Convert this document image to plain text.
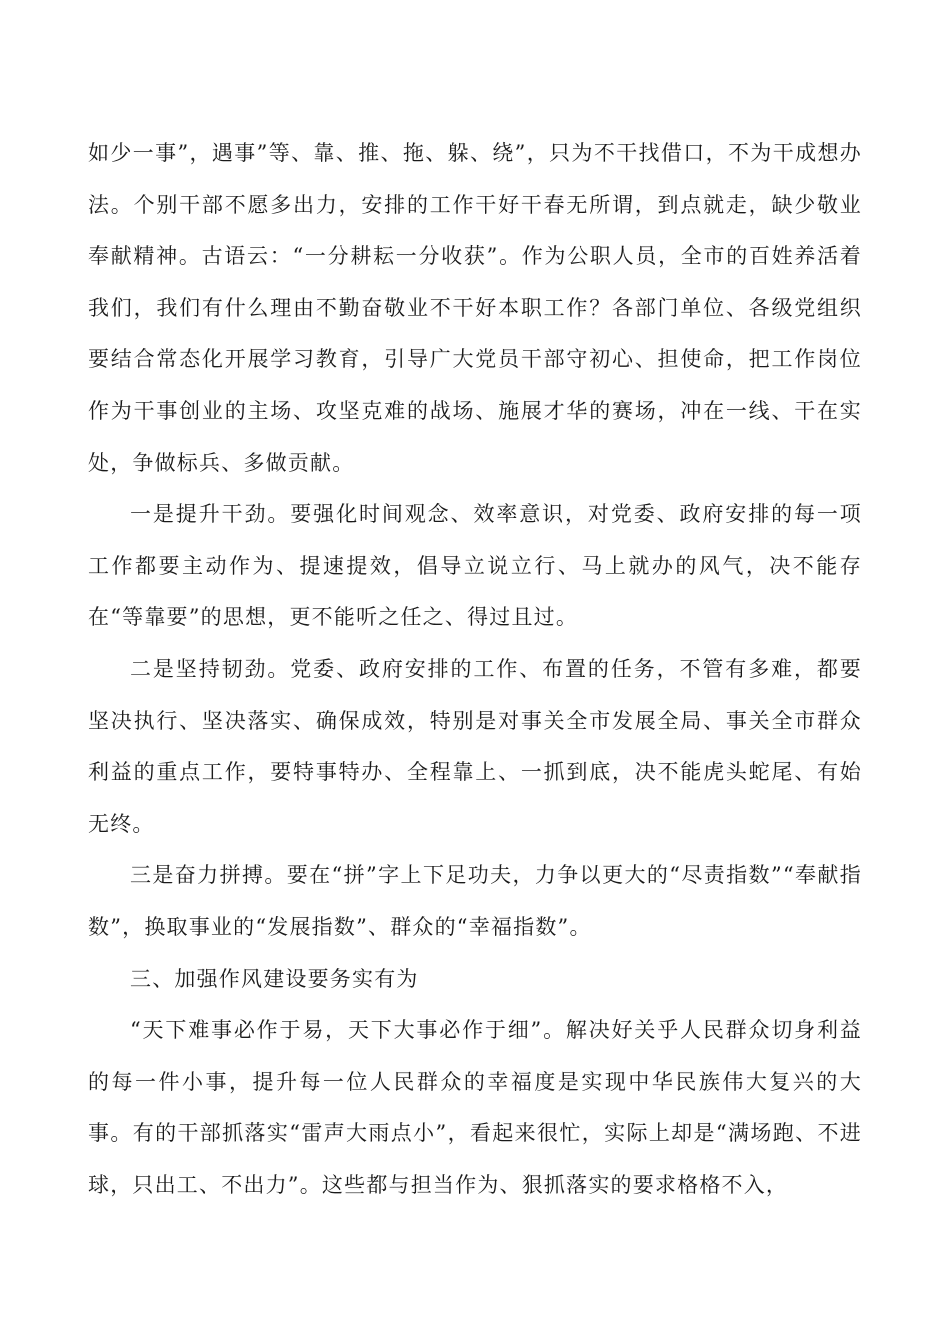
如少一事”，遇事”等、靠、推、拖、躲、绕”，只为不干找借口，不为干成想办法。个别干部不愿多出力，安排的工作干好干春无所谓，到点就走，缺少敬业奉献精神。古语云：“一分耕耘一分收获”。作为公职人员，全市的百姓养活着我们，我们有什么理由不勤奋敬业不干好本职工作？各部门单位、各级党组织要结合常态化开展学习教育，引导广大党员干部守初心、担使命，把工作岗位作为干事创业的主场、攻坚克难的战场、施展才华的赛场，冲在一线、干在实处，争做标兵、多做贡献。

一是提升干劲。要强化时间观念、效率意识，对党委、政府安排的每一项工作都要主动作为、提速提效，倡导立说立行、马上就办的风气，决不能存在“等靠要”的思想，更不能听之任之、得过且过。

二是坚持韧劲。党委、政府安排的工作、布置的任务，不管有多难，都要坚决执行、坚决落实、确保成效，特别是对事关全市发展全局、事关全市群众利益的重点工作，要特事特办、全程靠上、一抓到底，决不能虎头蛇尾、有始无终。

三是奋力拼搏。要在“拼”字上下足功夫，力争以更大的“尽责指数”“奉献指数”，换取事业的“发展指数”、群众的“幸福指数”。

三、加强作风建设要务实有为

“天下难事必作于易，天下大事必作于细”。解决好关乎人民群众切身利益的每一件小事，提升每一位人民群众的幸福度是实现中华民族伟大复兴的大事。有的干部抓落实“雷声大雨点小”，看起来很忙，实际上却是“满场跑、不进球，只出工、不出力”。这些都与担当作为、狠抓落实的要求格格不入，
